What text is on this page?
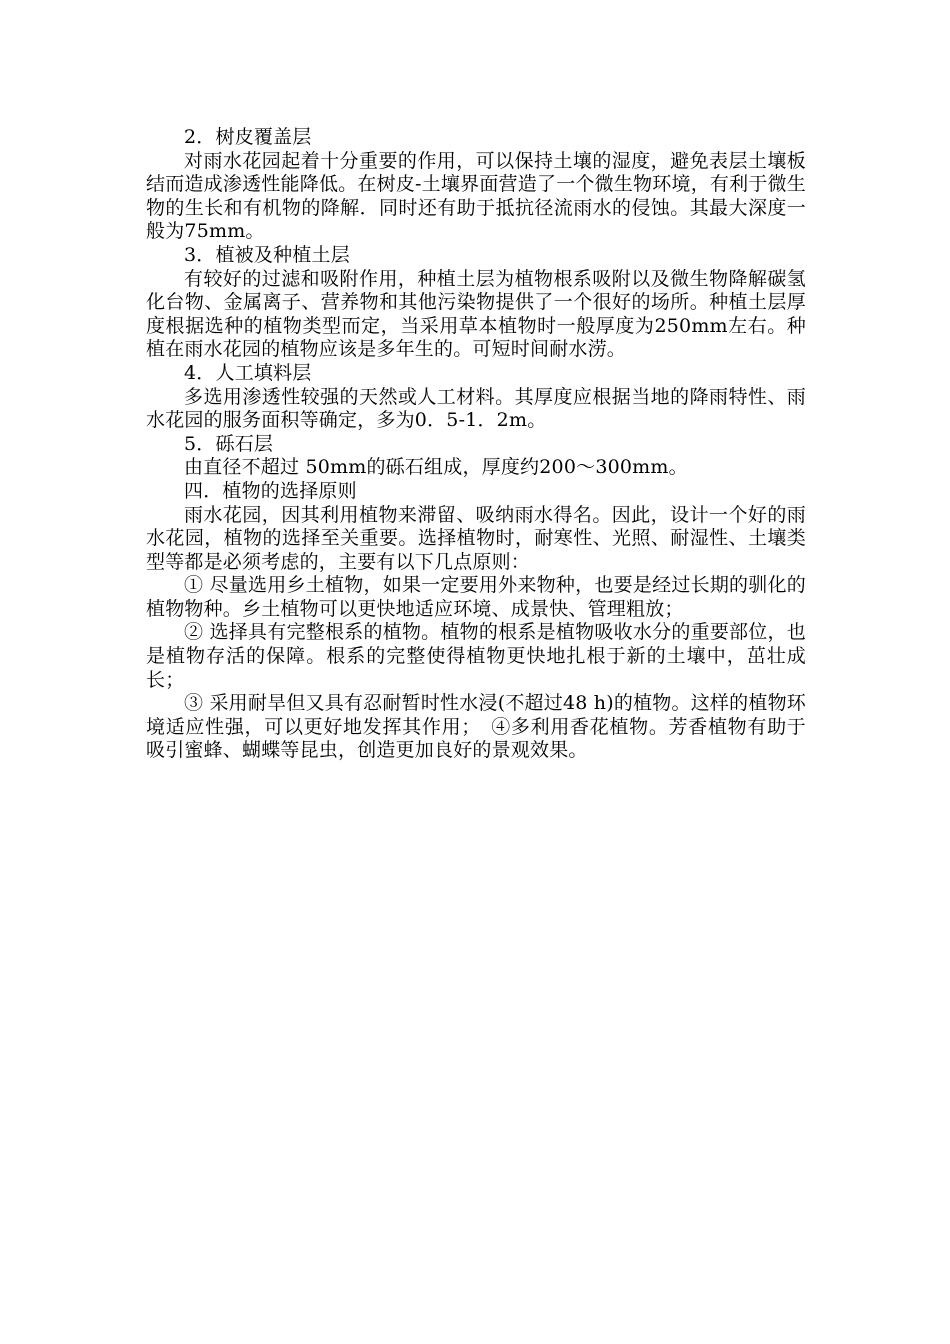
2．树皮覆盖层

对雨水花园起着十分重要的作用，可以保持土壤的湿度，避免表层土壤板结而造成渗透性能降低。在树皮-土壤界面营造了一个微生物环境，有利于微生物的生长和有机物的降解．同时还有助于抵抗径流雨水的侵蚀。其最大深度一般为75mm。

3．植被及种植土层

有较好的过滤和吸附作用，种植土层为植物根系吸附以及微生物降解碳氢化台物、金属离子、营养物和其他污染物提供了一个很好的场所。种植土层厚度根据选种的植物类型而定，当采用草本植物时一般厚度为250mm左右。种植在雨水花园的植物应该是多年生的。可短时间耐水涝。

4．人工填料层

多选用渗透性较强的天然或人工材料。其厚度应根据当地的降雨特性、雨水花园的服务面积等确定，多为0．5-1．2m。

5．砾石层

由直径不超过 50mm的砾石组成，厚度约200～300mm。

四．植物的选择原则

雨水花园，因其利用植物来滞留、吸纳雨水得名。因此，设计一个好的雨水花园，植物的选择至关重要。选择植物时，耐寒性、光照、耐湿性、土壤类型等都是必须考虑的，主要有以下几点原则：

① 尽量选用乡土植物，如果一定要用外来物种，也要是经过长期的驯化的植物物种。乡土植物可以更快地适应环境、成景快、管理粗放；

② 选择具有完整根系的植物。植物的根系是植物吸收水分的重要部位，也是植物存活的保障。根系的完整使得植物更快地扎根于新的土壤中，茁壮成长；

③ 采用耐旱但又具有忍耐暂时性水浸(不超过48 h)的植物。这样的植物环境适应性强，可以更好地发挥其作用；　④多利用香花植物。芳香植物有助于吸引蜜蜂、蝴蝶等昆虫，创造更加良好的景观效果。
